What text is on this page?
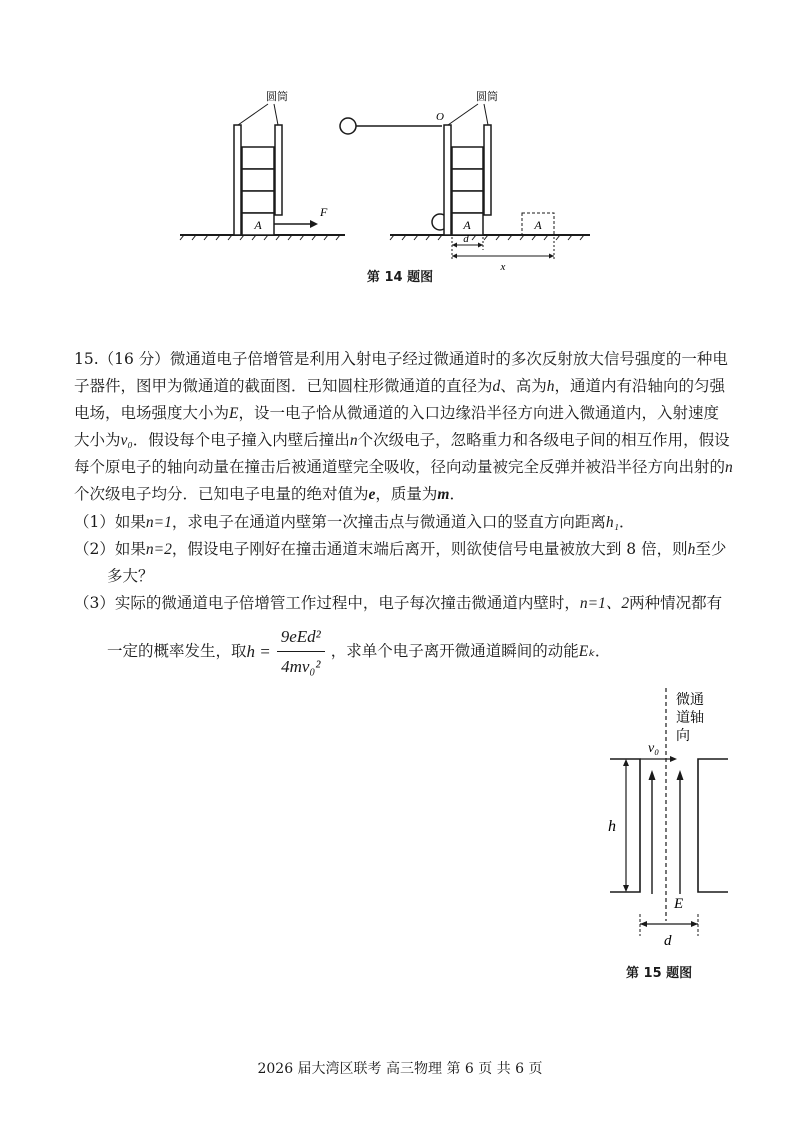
A
F
圆筒
O
A	A
圆筒
d
x
第 14 题图

15.（16 分）微通道电子倍增管是利用入射电子经过微通道时的多次反射放大信号强度的一种电子器件，图甲为微通道的截面图．已知圆柱形微通道的直径为d、高为h，通道内有沿轴向的匀强电场，电场强度大小为E，设一电子恰从微通道的入口边缘沿半径方向进入微通道内，入射速度大小为v₀．假设每个电子撞入内壁后撞出n个次级电子，忽略重力和各级电子间的相互作用，假设每个原电子的轴向动量在撞击后被通道壁完全吸收，径向动量被完全反弹并被沿半径方向出射的n个次级电子均分．已知电子电量的绝对值为e，质量为m．

（1）如果n=1，求电子在通道内壁第一次撞击点与微通道入口的竖直方向距离h₁．

（2）如果n=2，假设电子刚好在撞击通道末端后离开，则欲使信号电量被放大到 8 倍，则h至少多大？

（3）实际的微通道电子倍增管工作过程中，电子每次撞击微通道内壁时，n=1、2两种情况都有

一定的概率发生，取 $h = \frac{\text{9eEd²}}{\text{4mv₀²}}$ ，求单个电子离开微通道瞬间的动能 Eₖ ．
微通
道轴
向
v₀
h
E
d
第 15 题图
2026 届大湾区联考 高三物理 第 6 页 共 6 页
